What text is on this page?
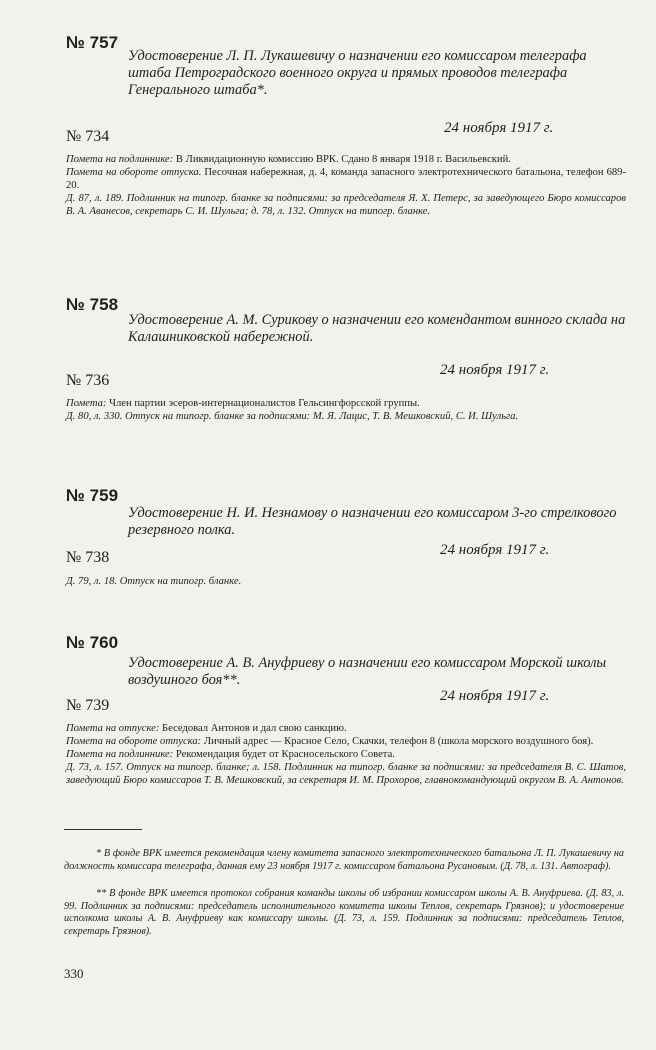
№ 757
Удостоверение Л. П. Лукашевичу о назначении его комиссаром телеграфа штаба Петроградского военного округа и прямых проводов телеграфа Генерального штаба*.
24 ноября 1917 г.
№ 734

Помета на подлиннике: В Ликвидационную комиссию ВРК. Сдано 8 января 1918 г. Васильевский.

Помета на обороте отпуска. Песочная набережная, д. 4, команда запасного электротехнического батальона, телефон 689-20.

Д. 87, л. 189. Подлинник на типогр. бланке за подписями: за председателя Я. Х. Петерс, за заведующего Бюро комиссаров В. А. Аванесов, секретарь С. И. Шульга; д. 78, л. 132. Отпуск на типогр. бланке.

№ 758
Удостоверение А. М. Сурикову о назначении его комендантом винного склада на Калашниковской набережной.
24 ноября 1917 г.
№ 736

Помета: Член партии эсеров-интернационалистов Гельсингфорсской группы.

Д. 80, л. 330. Отпуск на типогр. бланке за подписями: М. Я. Лацис, Т. В. Мешковский, С. И. Шульга.

№ 759
Удостоверение Н. И. Незнамову о назначении его комиссаром 3-го стрелкового резервного полка.
24 ноября 1917 г.
№ 738

Д. 79, л. 18. Отпуск на типогр. бланке.

№ 760
Удостоверение А. В. Ануфриеву о назначении его комиссаром Морской школы воздушного боя**.
24 ноября 1917 г.
№ 739

Помета на отпуске: Беседовал Антонов и дал свою санкцию.

Помета на обороте отпуска: Личный адрес — Красное Село, Скачки, телефон 8 (школа морского воздушного боя).

Помета на подлиннике: Рекомендация будет от Красносельского Совета.

Д. 73, л. 157. Отпуск на типогр. бланке; л. 158. Подлинник на типогр. бланке за подписями: за председателя В. С. Шатов, заведующий Бюро комиссаров Т. В. Мешковский, за секретаря И. М. Прохоров, главнокомандующий округом В. А. Антонов.

* В фонде ВРК имеется рекомендация члену комитета запасного электротехнического батальона Л. П. Лукашевичу на должность комиссара телеграфа, данная ему 23 ноября 1917 г. комиссаром батальона Русановым. (Д. 78, л. 131. Автограф).
** В фонде ВРК имеется протокол собрания команды школы об избрании комиссаром школы А. В. Ануфриева. (Д. 83, л. 99. Подлинник за подписями: председатель исполнительного комитета школы Теплов, секретарь Грязнов); и удостоверение исполкома школы А. В. Ануфриеву как комиссару школы. (Д. 73, л. 159. Подлинник за подписями: председатель Теплов, секретарь Грязнов).
330
